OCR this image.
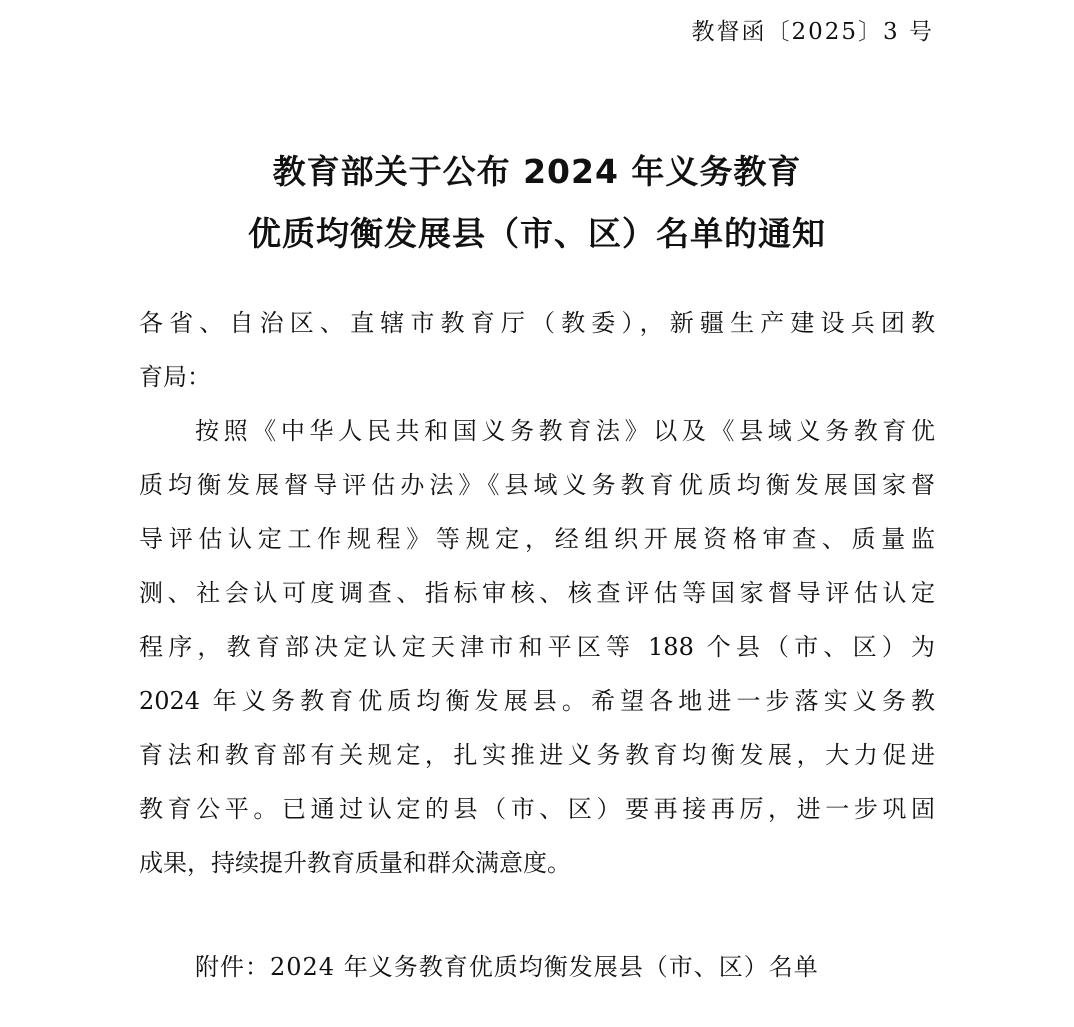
教督函〔2025〕3 号
教育部关于公布 2024 年义务教育
优质均衡发展县（市、区）名单的通知
各省、自治区、直辖市教育厅（教委），新疆生产建设兵团教
育局：
按照《中华人民共和国义务教育法》以及《县域义务教育优
质均衡发展督导评估办法》《县域义务教育优质均衡发展国家督
导评估认定工作规程》等规定，经组织开展资格审查、质量监
测、社会认可度调查、指标审核、核查评估等国家督导评估认定
程序，教育部决定认定天津市和平区等 188 个县（市、区）为
2024 年义务教育优质均衡发展县。希望各地进一步落实义务教
育法和教育部有关规定，扎实推进义务教育均衡发展，大力促进
教育公平。已通过认定的县（市、区）要再接再厉，进一步巩固
成果，持续提升教育质量和群众满意度。
附件：2024 年义务教育优质均衡发展县（市、区）名单
